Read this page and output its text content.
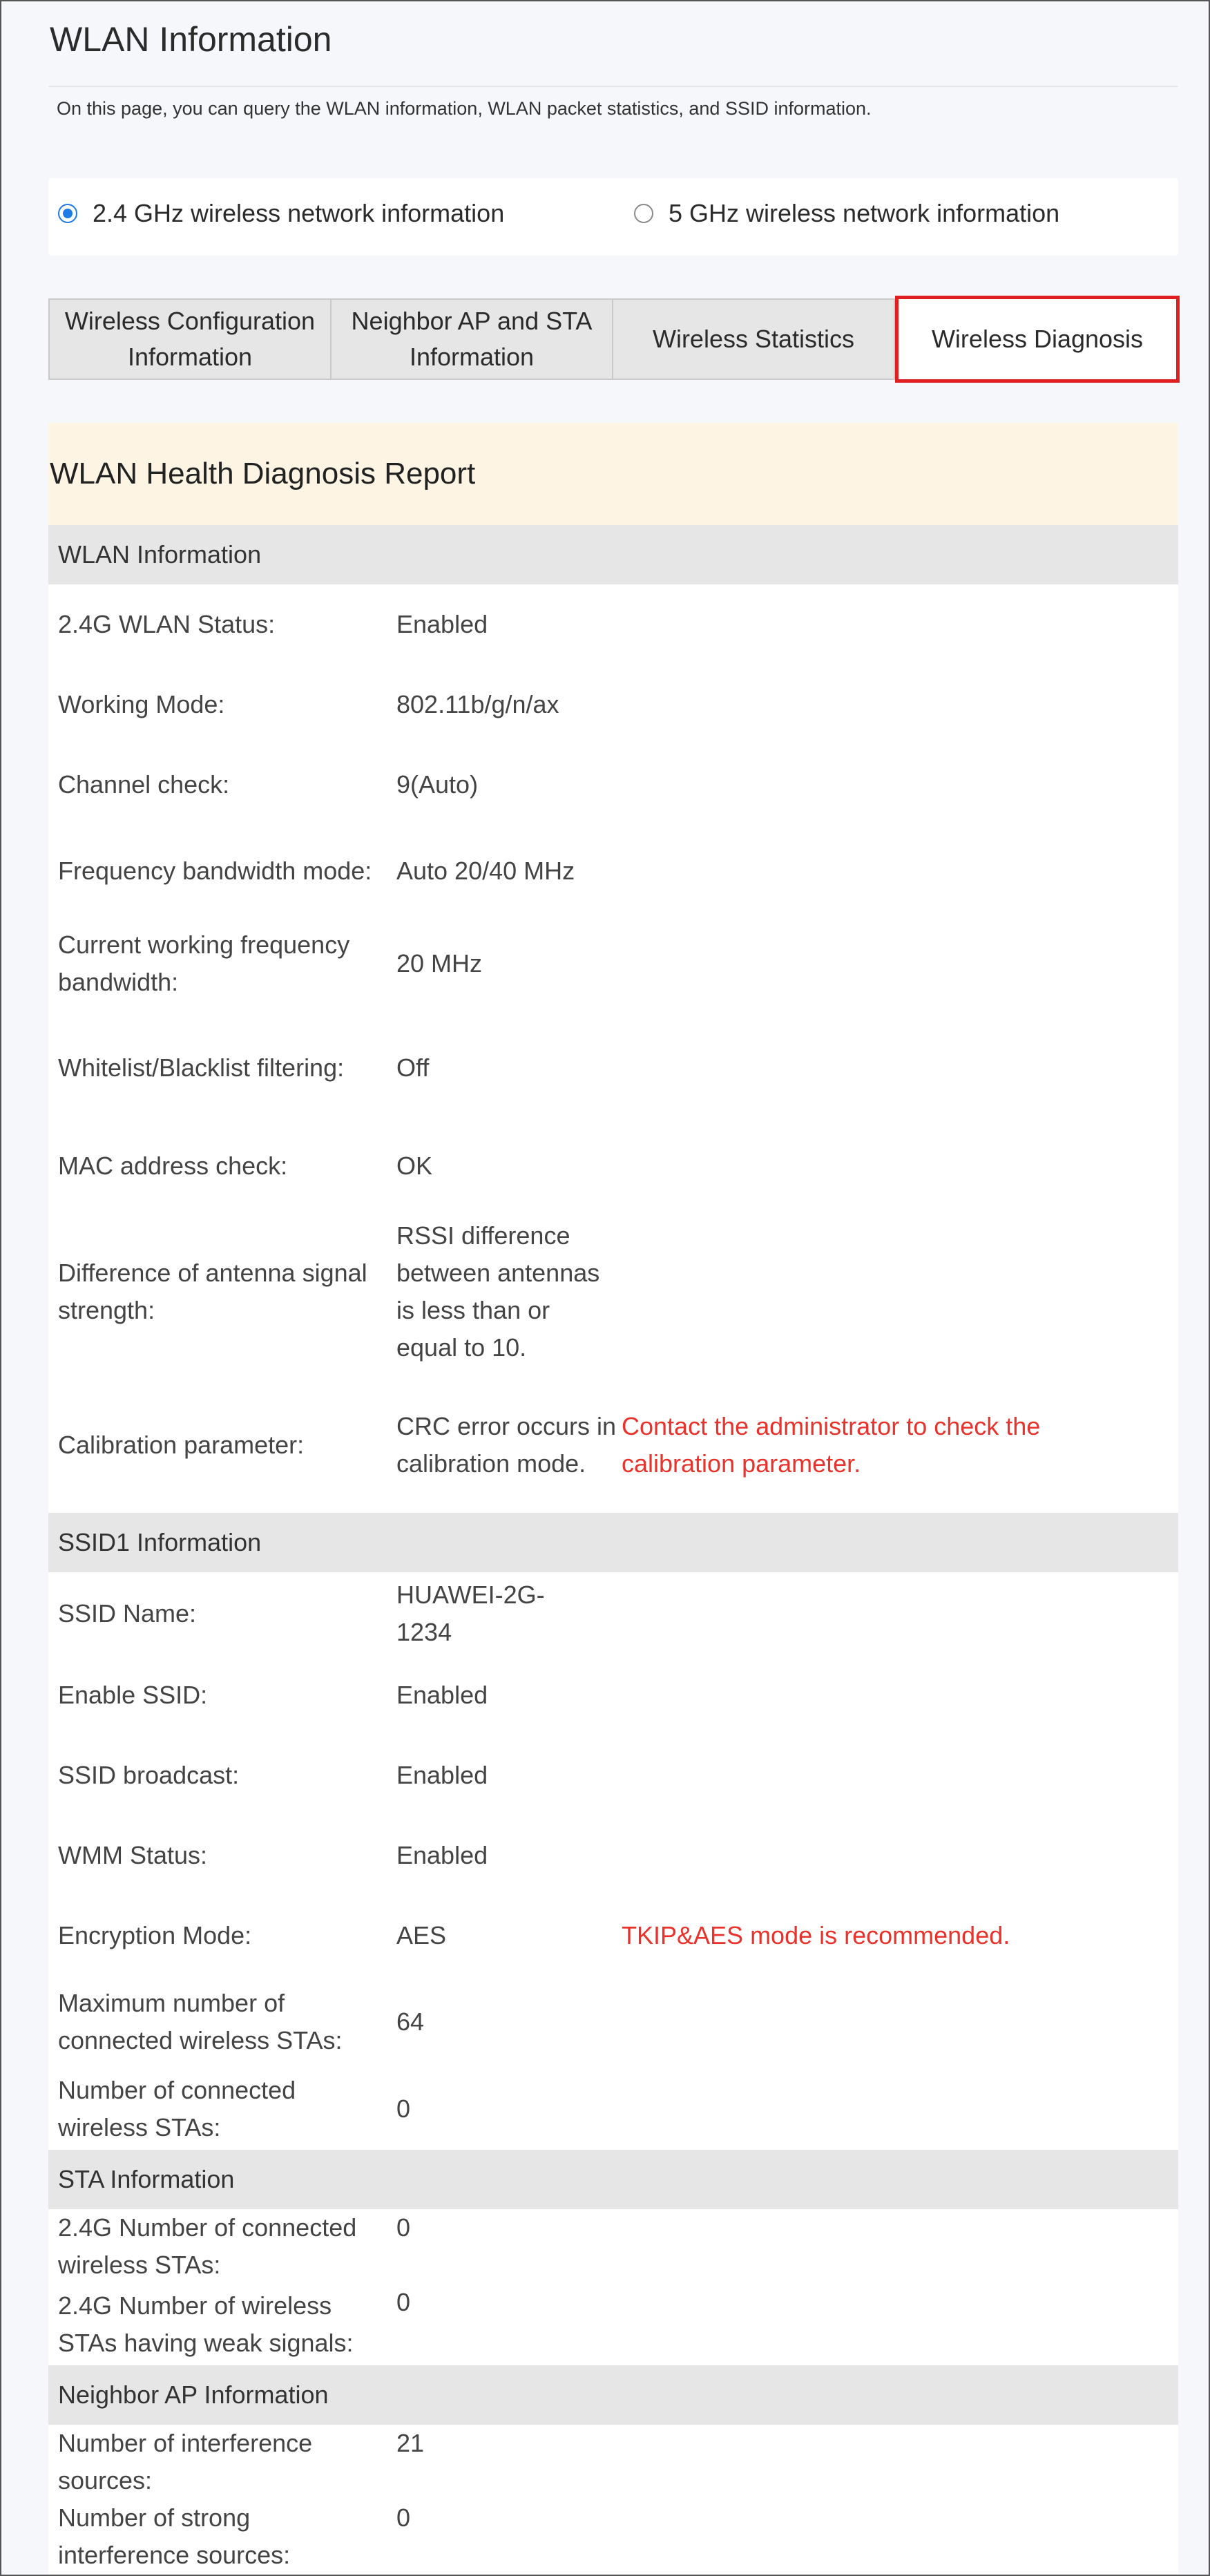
WLAN Information
On this page, you can query the WLAN information, WLAN packet statistics, and SSID information.
2.4 GHz wireless network information	5 GHz wireless network information
Wireless Configuration Information
Neighbor AP and STA Information
Wireless Statistics	Wireless Diagnosis
WLAN Health Diagnosis Report
WLAN Information
2.4G WLAN Status:	Enabled
Working Mode:	802.11b/g/n/ax
Channel check:	9(Auto)
Frequency bandwidth mode: Auto 20/40 MHz
Current working frequency bandwidth:
20 MHz
Whitelist/Blacklist filtering:	Off
MAC address check:	OK
Difference of antenna signal strength:
RSSI difference between antennas is less than or equal to 10.
Calibration parameter:
CRC error occurs in calibration mode.
Contact the administrator to check the calibration parameter.
SSID1 Information
SSID Name:
HUAWEI-2G-1234
Enable SSID:	Enabled
SSID broadcast:	Enabled
WMM Status:	Enabled
Encryption Mode:	AES	TKIP&AES mode is recommended.
Maximum number of connected wireless STAs:
64
Number of connected wireless STAs:
0
STA Information
2.4G Number of connected wireless STAs:
0
2.4G Number of wireless STAs having weak signals:
0
Neighbor AP Information
Number of interference sources:
21
Number of strong interference sources:
0
